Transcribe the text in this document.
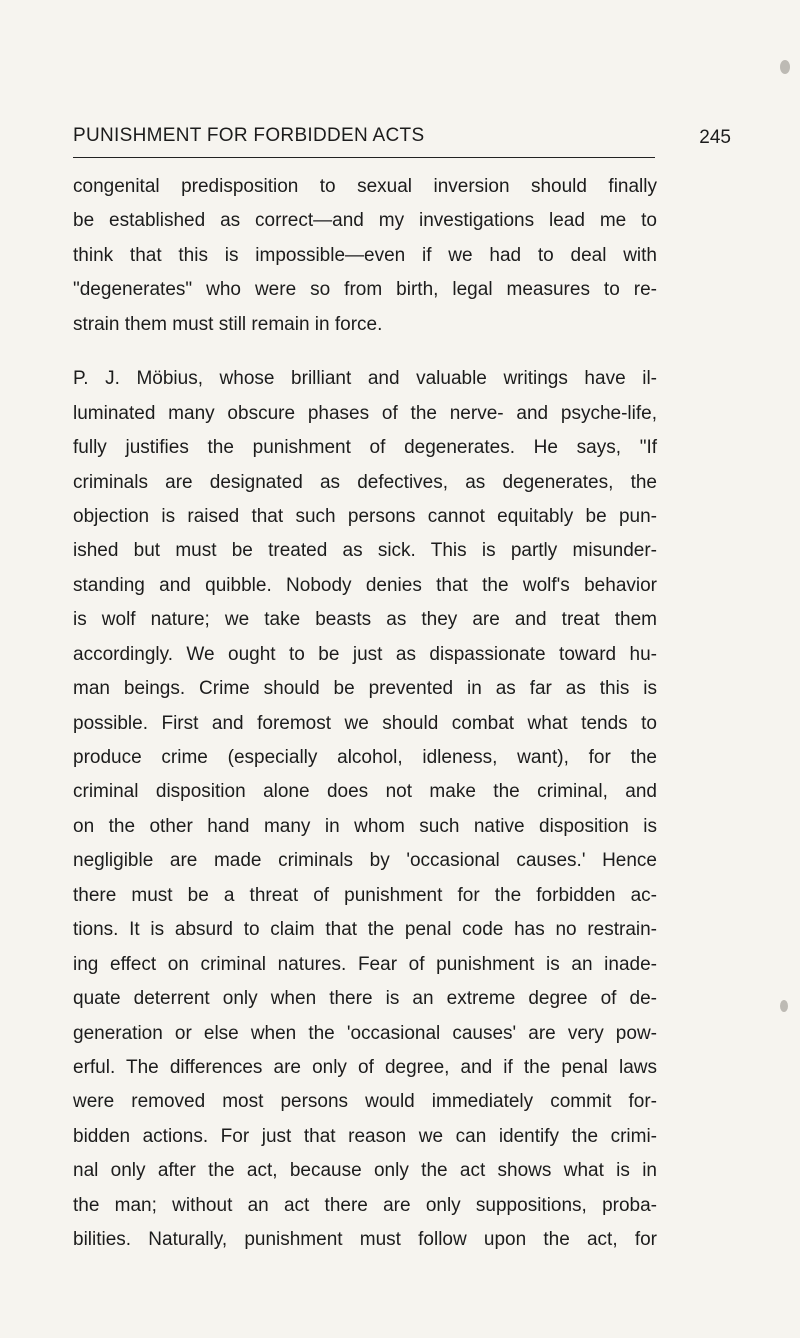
PUNISHMENT FOR FORBIDDEN ACTS	245
congenital predisposition to sexual inversion should finally
be established as correct—and my investigations lead me to
think that this is impossible—even if we had to deal with
"degenerates" who were so from birth, legal measures to re-
strain them must still remain in force.
P. J. Möbius, whose brilliant and valuable writings have il-
luminated many obscure phases of the nerve- and psyche-life,
fully justifies the punishment of degenerates. He says, "If
criminals are designated as defectives, as degenerates, the
objection is raised that such persons cannot equitably be pun-
ished but must be treated as sick. This is partly misunder-
standing and quibble. Nobody denies that the wolf's behavior
is wolf nature; we take beasts as they are and treat them
accordingly. We ought to be just as dispassionate toward hu-
man beings. Crime should be prevented in as far as this is
possible. First and foremost we should combat what tends to
produce crime (especially alcohol, idleness, want), for the
criminal disposition alone does not make the criminal, and
on the other hand many in whom such native disposition is
negligible are made criminals by 'occasional causes.' Hence
there must be a threat of punishment for the forbidden ac-
tions. It is absurd to claim that the penal code has no restrain-
ing effect on criminal natures. Fear of punishment is an inade-
quate deterrent only when there is an extreme degree of de-
generation or else when the 'occasional causes' are very pow-
erful. The differences are only of degree, and if the penal laws
were removed most persons would immediately commit for-
bidden actions. For just that reason we can identify the crimi-
nal only after the act, because only the act shows what is in
the man; without an act there are only suppositions, proba-
bilities. Naturally, punishment must follow upon the act, for
